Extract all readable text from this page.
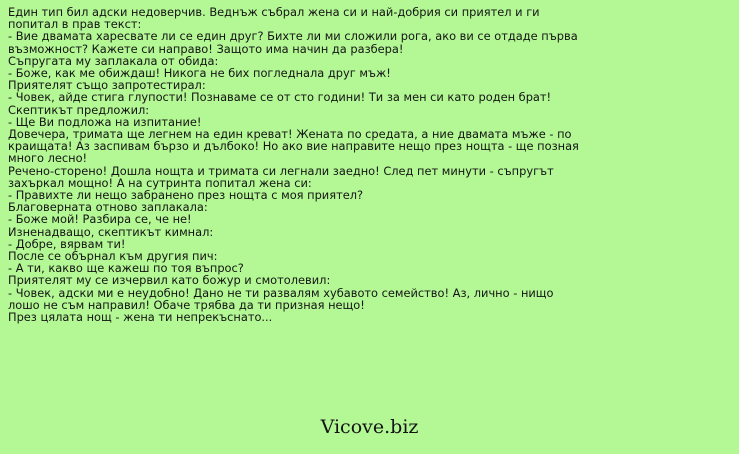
Един тип бил адски недоверчив. Веднъж събрал жена си и най-добрия си приятел и ги попитал в прав текст:

- Вие двамата харесвате ли се един друг? Бихте ли ми сложили рога, ако ви се отдаде първа възможност? Кажете си направо! Защото има начин да разбера!

Съпругата му заплакала от обида:

- Боже, как ме обиждаш! Никога не бих погледнала друг мъж!

Приятелят също запротестирал:

- Човек, айде стига глупости! Познаваме се от сто години! Ти за мен си като роден брат!

Скептикът предложил:

- Ще Ви подложа на изпитание!

Довечера, тримата ще легнем на един креват! Жената по средата, а ние двамата мъже - по краищата! Аз заспивам бързо и дълбоко! Но ако вие направите нещо през нощта - ще позная много лесно!

Речено-сторено! Дошла нощта и тримата си легнали заедно! След пет минути - съпругът захъркал мощно! А на сутринта попитал жена си:

- Правихте ли нещо забранено през нощта с моя приятел?

Благоверната отново заплакала:

- Боже мой! Разбира се, че не!

Изненадващо, скептикът кимнал:

- Добре, вярвам ти!

После се обърнал към другия пич:

- А ти, какво ще кажеш по тоя въпрос?

Приятелят му се изчервил като божур и смотолевил:

- Човек, адски ми е неудобно! Дано не ти развалям хубавото семейство! Аз, лично - нищо лошо не съм направил! Обаче трябва да ти призная нещо!

През цялата нощ - жена ти непрекъснато...

Vicove.biz
